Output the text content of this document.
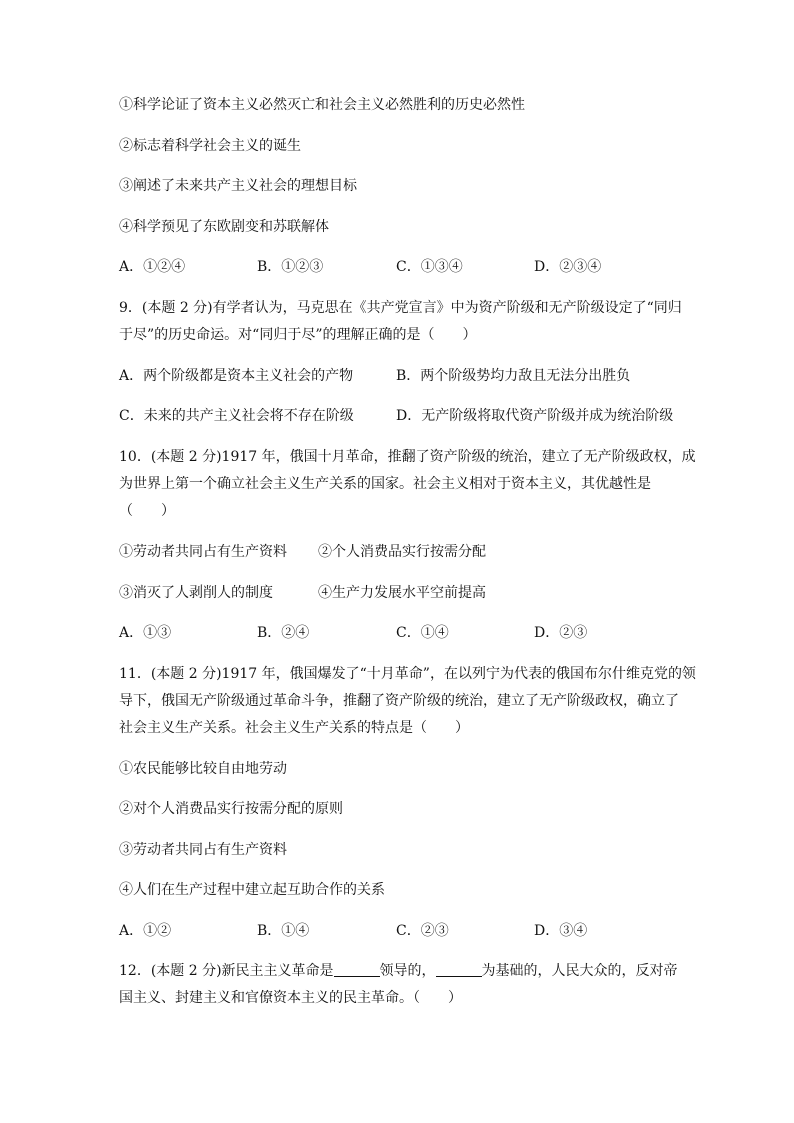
①科学论证了资本主义必然灭亡和社会主义必然胜利的历史必然性
②标志着科学社会主义的诞生
③阐述了未来共产主义社会的理想目标
④科学预见了东欧剧变和苏联解体
A．①②④	B．①②③	C．①③④	D．②③④
9．(本题 2 分)有学者认为，马克思在《共产党宣言》中为资产阶级和无产阶级设定了“同归
于尽”的历史命运。对“同归于尽”的理解正确的是（　　）
A．两个阶级都是资本主义社会的产物	B．两个阶级势均力敌且无法分出胜负
C．未来的共产主义社会将不存在阶级	D．无产阶级将取代资产阶级并成为统治阶级
10．(本题 2 分)1917 年，俄国十月革命，推翻了资产阶级的统治，建立了无产阶级政权，成
为世界上第一个确立社会主义生产关系的国家。社会主义相对于资本主义，其优越性是
（　　）
①劳动者共同占有生产资料 ②个人消费品实行按需分配
③消灭了人剥削人的制度	④生产力发展水平空前提高
A．①③	B．②④	C．①④	D．②③
11．(本题 2 分)1917 年，俄国爆发了“十月革命”，在以列宁为代表的俄国布尔什维克党的领
导下，俄国无产阶级通过革命斗争，推翻了资产阶级的统治，建立了无产阶级政权，确立了
社会主义生产关系。社会主义生产关系的特点是（　　）
①农民能够比较自由地劳动
②对个人消费品实行按需分配的原则
③劳动者共同占有生产资料
④人们在生产过程中建立起互助合作的关系
A．①②	B．①④	C．②③	D．③④
12．(本题 2 分)新民主主义革命是	领导的，	为基础的，人民大众的，反对帝
国主义、封建主义和官僚资本主义的民主革命。（　　）
